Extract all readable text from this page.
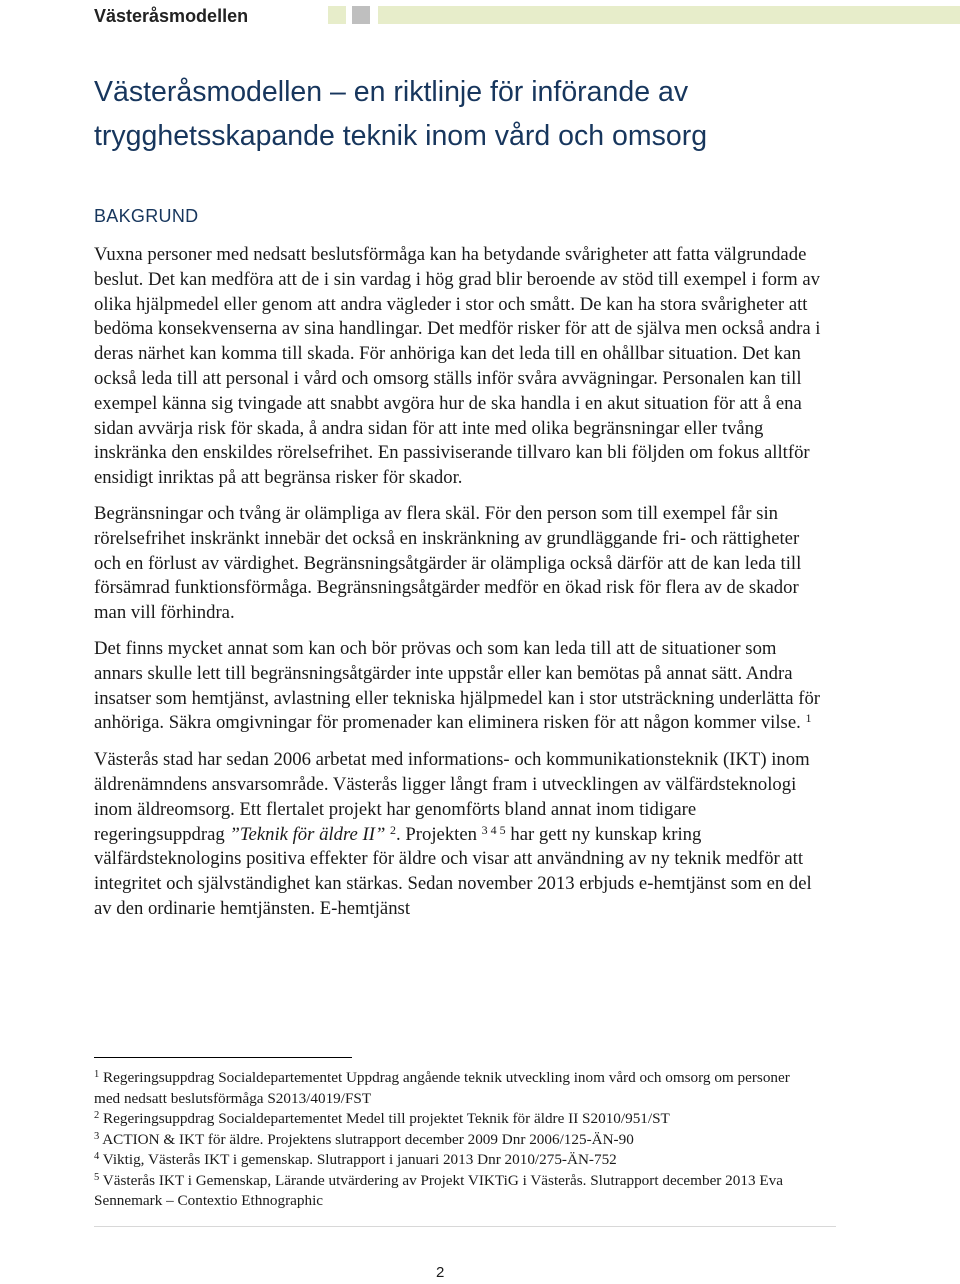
Västeråsmodellen
Västeråsmodellen – en riktlinje för införande av trygghetsskapande teknik inom vård och omsorg
BAKGRUND

Vuxna personer med nedsatt beslutsförmåga kan ha betydande svårigheter att fatta välgrundade beslut. Det kan medföra att de i sin vardag i hög grad blir beroende av stöd till exempel i form av olika hjälpmedel eller genom att andra vägleder i stor och smått. De kan ha stora svårigheter att bedöma konsekvenserna av sina handlingar. Det medför risker för att de själva men också andra i deras närhet kan komma till skada. För anhöriga kan det leda till en ohållbar situation. Det kan också leda till att personal i vård och omsorg ställs inför svåra avvägningar. Personalen kan till exempel känna sig tvingade att snabbt avgöra hur de ska handla i en akut situation för att å ena sidan avvärja risk för skada, å andra sidan för att inte med olika begränsningar eller tvång inskränka den enskildes rörelsefrihet. En passiviserande tillvaro kan bli följden om fokus alltför ensidigt inriktas på att begränsa risker för skador.

Begränsningar och tvång är olämpliga av flera skäl. För den person som till exempel får sin rörelsefrihet inskränkt innebär det också en inskränkning av grundläggande fri- och rättigheter och en förlust av värdighet. Begränsningsåtgärder är olämpliga också därför att de kan leda till försämrad funktionsförmåga. Begränsningsåtgärder medför en ökad risk för flera av de skador man vill förhindra.

Det finns mycket annat som kan och bör prövas och som kan leda till att de situationer som annars skulle lett till begränsningsåtgärder inte uppstår eller kan bemötas på annat sätt. Andra insatser som hemtjänst, avlastning eller tekniska hjälpmedel kan i stor utsträckning underlätta för anhöriga. Säkra omgivningar för promenader kan eliminera risken för att någon kommer vilse. $^1$

Västerås stad har sedan 2006 arbetat med informations- och kommunikationsteknik (IKT) inom äldrenämndens ansvarsområde. Västerås ligger långt fram i utvecklingen av välfärdsteknologi inom äldreomsorg. Ett flertalet projekt har genomförts bland annat inom tidigare regeringsuppdrag ”Teknik för äldre II” $^2$. Projekten $^{3 4 5}$ har gett ny kunskap kring välfärdsteknologins positiva effekter för äldre och visar att användning av ny teknik medför att integritet och självständighet kan stärkas. Sedan november 2013 erbjuds e-hemtjänst som en del av den ordinarie hemtjänsten. E-hemtjänst

$^1$ Regeringsuppdrag Socialdepartementet Uppdrag angående teknik utveckling inom vård och omsorg om personer med nedsatt beslutsförmåga S2013/4019/FST
$^2$ Regeringsuppdrag Socialdepartementet Medel till projektet Teknik för äldre II S2010/951/ST
$^3$ ACTION & IKT för äldre. Projektens slutrapport december 2009 Dnr 2006/125-ÄN-90
$^4$ Viktig, Västerås IKT i gemenskap. Slutrapport i januari 2013 Dnr 2010/275-ÄN-752
$^5$ Västerås IKT i Gemenskap, Lärande utvärdering av Projekt VIKTiG i Västerås. Slutrapport december 2013 Eva Sennemark – Contextio Ethnographic
2
